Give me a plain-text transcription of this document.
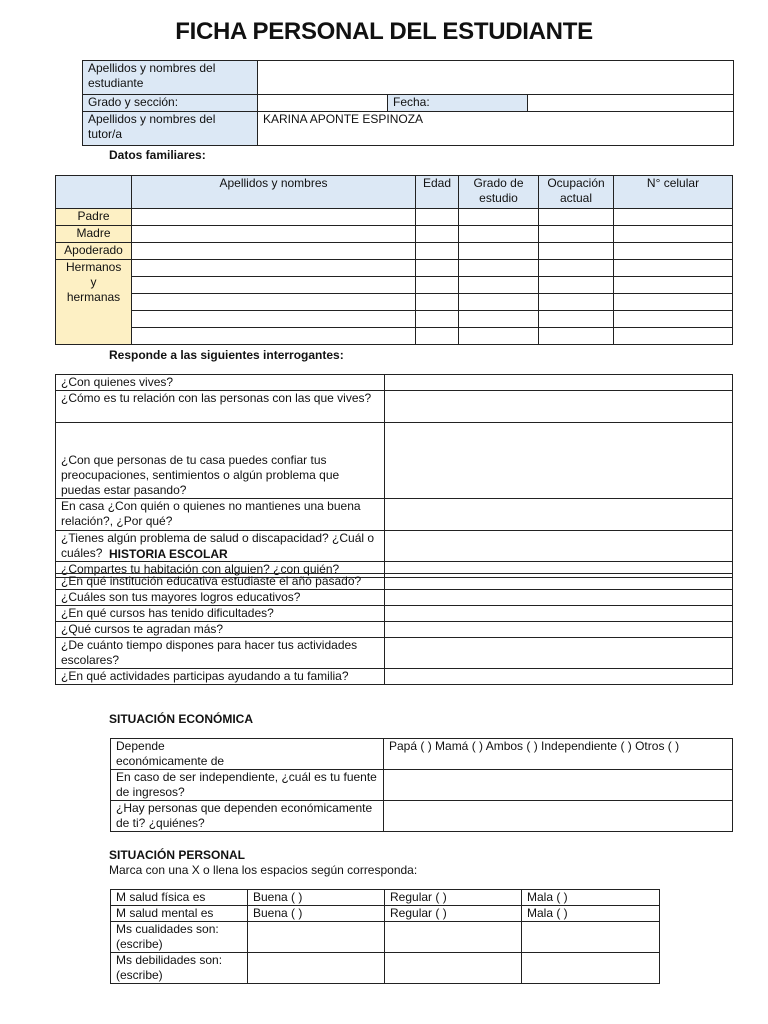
FICHA PERSONAL DEL ESTUDIANTE
Apellidos y nombres del estudiante			
Grado y sección:		Fecha:	
Apellidos y nombres del tutor/a	KARINA APONTE ESPINOZA		
Datos familiares:
	Apellidos y nombres	Edad	Grado de estudio	Ocupación actual	N° celular
Padre					
Madre					
Apoderado					
Hermanos y hermanas					

Responde a las siguientes interrogantes:
¿Con quienes vives?	
¿Cómo es tu relación con las personas con las que vives?	

¿Con que personas de tu casa puedes confiar tus preocupaciones, sentimientos o algún problema que puedas estar pasando?	
En casa ¿Con quién o quienes no mantienes una buena relación?, ¿Por qué?	
¿Tienes algún problema de salud o discapacidad? ¿Cuál o cuáles?	
¿Compartes tu habitación con alguien? ¿con quién?	
HISTORIA ESCOLAR
¿En qué institución educativa estudiaste el año pasado?	
¿Cuáles son tus mayores logros educativos?	
¿En qué cursos has tenido dificultades?	
¿Qué cursos te agradan más?	
¿De cuánto tiempo dispones para hacer tus actividades escolares?	
¿En qué actividades participas ayudando a tu familia?	
SITUACIÓN ECONÓMICA
Depende económicamente de	Papá ( ) Mamá ( ) Ambos ( ) Independiente ( ) Otros ( )
En caso de ser independiente, ¿cuál es tu fuente de ingresos?	
¿Hay personas que dependen económicamente de ti? ¿quiénes?	
SITUACIÓN PERSONAL
Marca con una X o llena los espacios según corresponda:
M salud física es	Buena ( )	Regular ( )	Mala ( )
M salud mental es	Buena ( )	Regular ( )	Mala ( )
Ms cualidades son: (escribe)			
Ms debilidades son: (escribe)			
